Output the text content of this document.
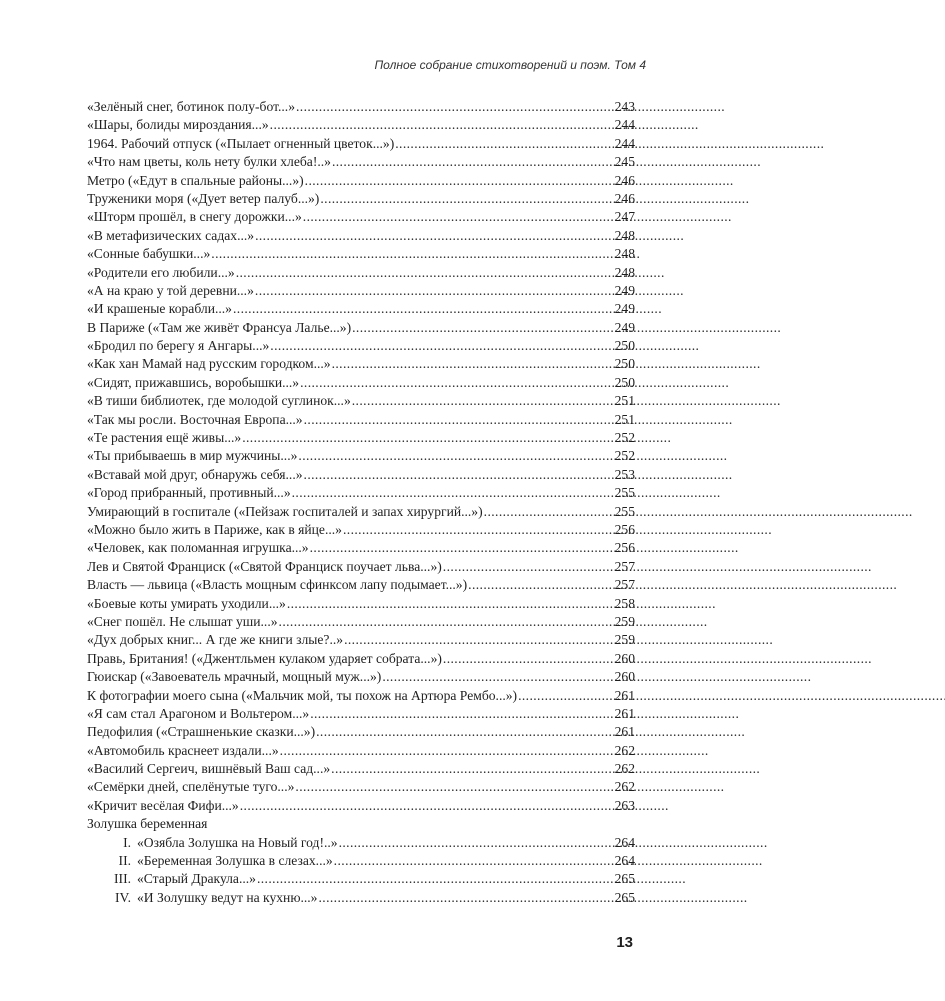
Полное собрание стихотворений и поэм. Том 4
«Зелёный снег, ботинок полу-бот...» . . .	243
«Шары, болиды мироздания...» . . .	244
1964. Рабочий отпуск («Пылает огненный цветок...») . . .	244
«Что нам цветы, коль нету булки хлеба!..» . . .	245
Метро («Едут в спальные районы...») . . .	246
Труженики моря («Дует ветер палуб...») . . .	246
«Шторм прошёл, в снегу дорожки...» . . .	247
«В метафизических садах...» . . .	248
«Сонные бабушки...» . . .	248
«Родители его любили...» . . .	248
«А на краю у той деревни...» . . .	249
«И крашеные корабли...» . . .	249
В Париже («Там же живёт Франсуа Лалье...») . . .	249
«Бродил по берегу я Ангары...» . . .	250
«Как хан Мамай над русским городком...» . . .	250
«Сидят, прижавшись, воробышки...» . . .	250
«В тиши библиотек, где молодой суглинок...» . . .	251
«Так мы росли. Восточная Европа...» . . .	251
«Те растения ещё живы...» . . .	252
«Ты прибываешь в мир мужчины...» . . .	252
«Вставай мой друг, обнаружь себя...» . . .	253
«Город прибранный, противный...» . . .	255
Умирающий в госпитале («Пейзаж госпиталей и запах хирургий...») . . .	255
«Можно было жить в Париже, как в яйце...» . . .	256
«Человек, как поломанная игрушка...» . . .	256
Лев и Святой Франциск («Святой Франциск поучает льва...») . . .	257
Власть — львица («Власть мощным сфинксом лапу подымает...») . . .	257
«Боевые коты умирать уходили...» . . .	258
«Снег пошёл. Не слышат уши...» . . .	259
«Дух добрых книг... А где же книги злые?..» . . .	259
Правь, Британия! («Джентльмен кулаком ударяет собрата...») . . .	260
Гюискар («Завоеватель мрачный, мощный муж...») . . .	260
К фотографии моего сына («Мальчик мой, ты похож на Артюра Рембо...») . . .	261
«Я сам стал Арагоном и Вольтером...» . . .	261
Педофилия («Страшненькие сказки...») . . .	261
«Автомобиль краснеет издали...» . . .	262
«Василий Сергеич, вишнёвый Ваш сад...» . . .	262
«Семёрки дней, спелёнутые туго...» . . .	262
«Кричит весёлая Фифи...» . . .	263
Золушка беременная
I. «Озябла Золушка на Новый год!..» . . .	264
II. «Беременная Золушка в слезах...» . . .	264
III. «Старый Дракула...» . . .	265
IV. «И Золушку ведут на кухню...» . . .	265
13
